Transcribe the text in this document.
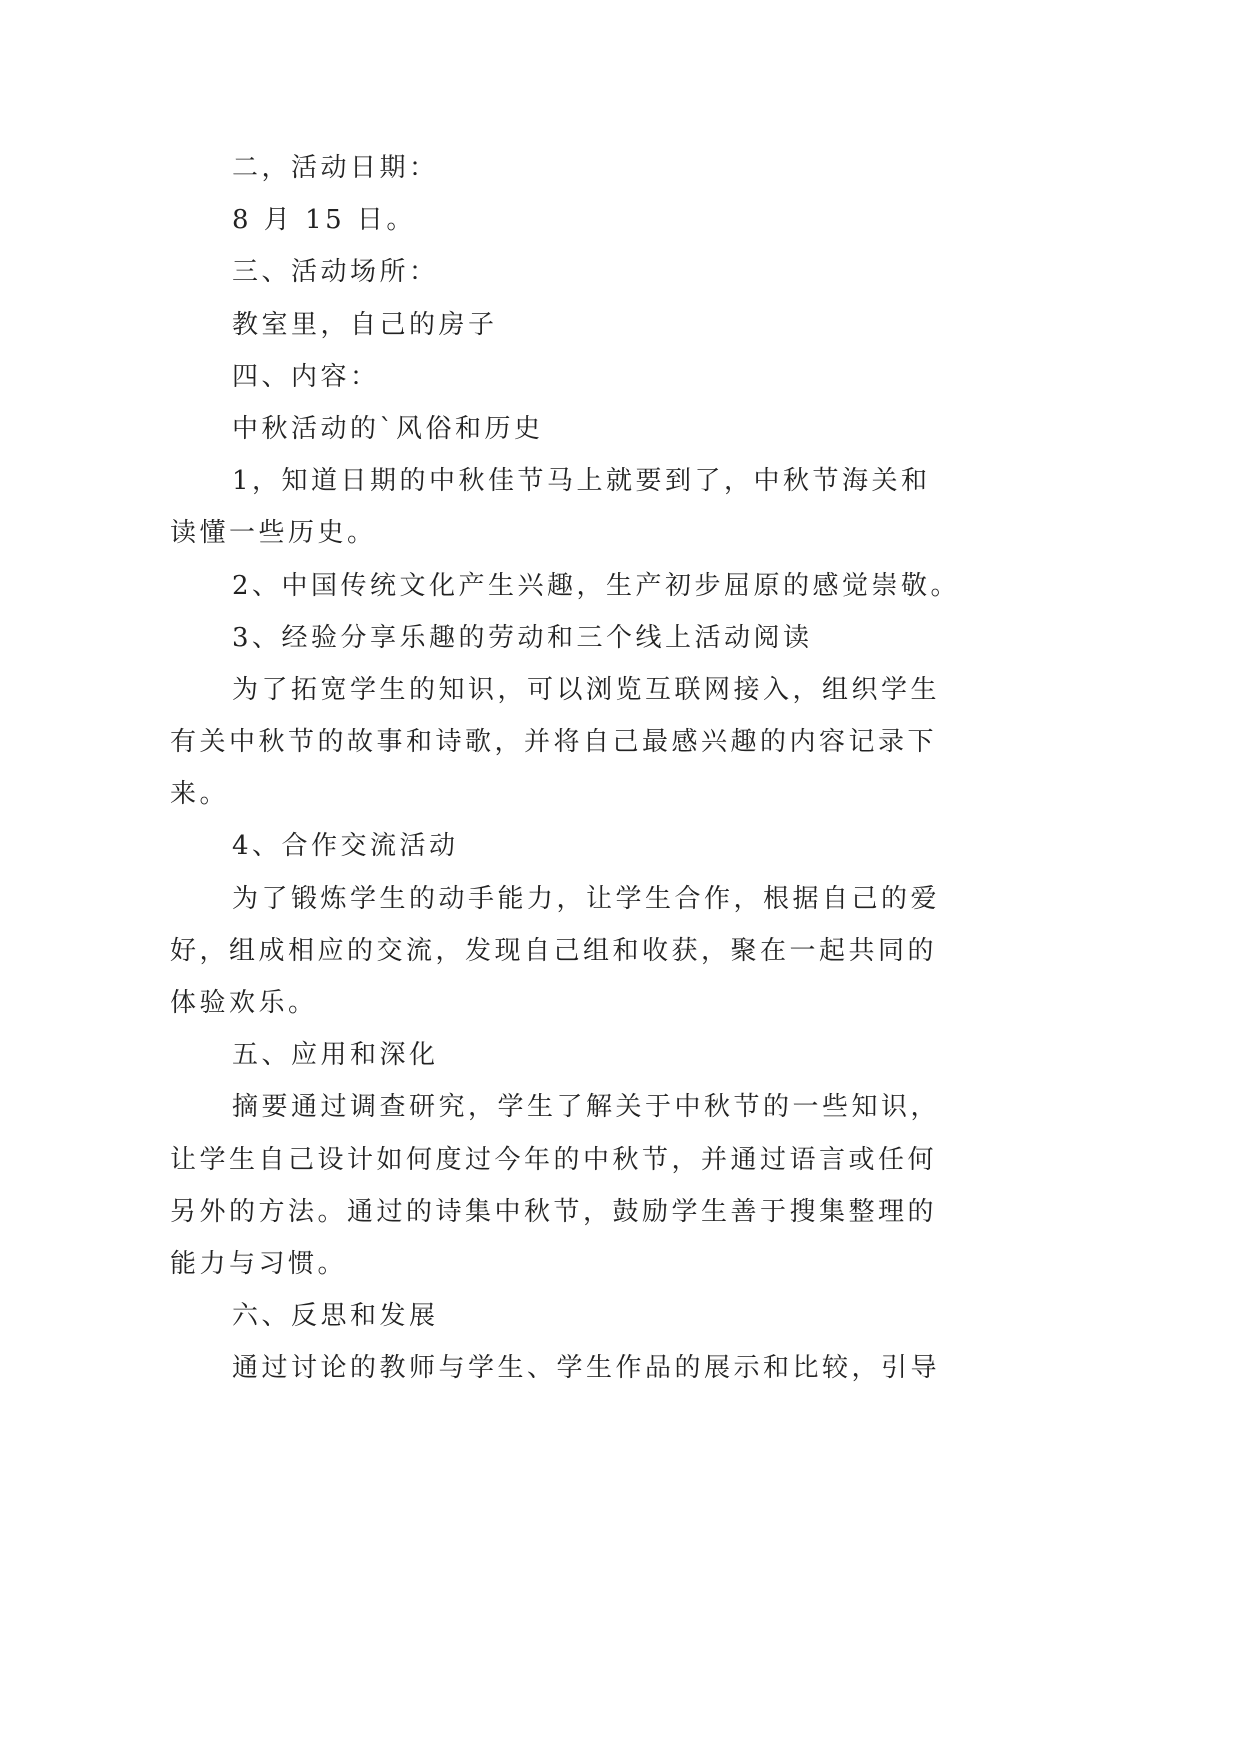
二，活动日期：
8 月 15 日。
三、活动场所：
教室里，自己的房子
四、内容：
中秋活动的`风俗和历史
1，知道日期的中秋佳节马上就要到了，中秋节海关和
读懂一些历史。
2、中国传统文化产生兴趣，生产初步屈原的感觉崇敬。
3、经验分享乐趣的劳动和三个线上活动阅读
为了拓宽学生的知识，可以浏览互联网接入，组织学生
有关中秋节的故事和诗歌，并将自己最感兴趣的内容记录下
来。
4、合作交流活动
为了锻炼学生的动手能力，让学生合作，根据自己的爱
好，组成相应的交流，发现自己组和收获，聚在一起共同的
体验欢乐。
五、应用和深化
摘要通过调查研究，学生了解关于中秋节的一些知识，
让学生自己设计如何度过今年的中秋节，并通过语言或任何
另外的方法。通过的诗集中秋节，鼓励学生善于搜集整理的
能力与习惯。
六、反思和发展
通过讨论的教师与学生、学生作品的展示和比较，引导
